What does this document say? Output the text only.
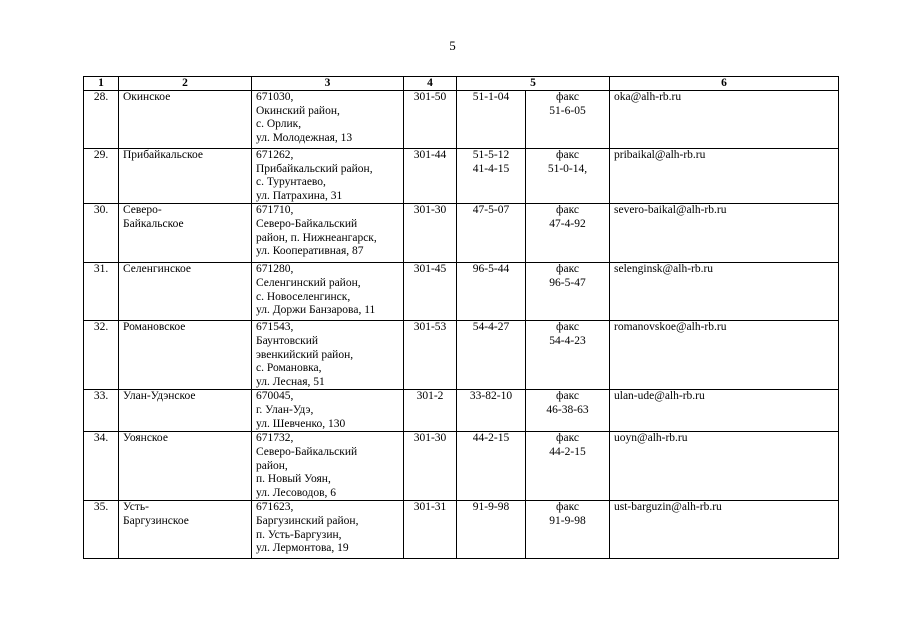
5
1	2	3	4	5		6
28.	Окинское	671030,
Окинский район,
с. Орлик,
ул. Молодежная, 13	301-50	51-1-04	факс
51-6-05	oka@alh-rb.ru
29.	Прибайкальское	671262,
Прибайкальский район,
с. Турунтаево,
ул. Патрахина, 31	301-44	51-5-12
41-4-15	факс
51-0-14,	pribaikal@alh-rb.ru
30.	Северо-
Байкальское	671710,
Северо-Байкальский
район, п. Нижнеангарск,
ул. Кооперативная, 87	301-30	47-5-07	факс
47-4-92	severo-baikal@alh-rb.ru
31.	Селенгинское	671280,
Селенгинский район,
с. Новоселенгинск,
ул. Доржи Банзарова, 11	301-45	96-5-44	факс
96-5-47	selenginsk@alh-rb.ru
32.	Романовское	671543,
Баунтовский
эвенкийский район,
с. Романовка,
ул. Лесная, 51	301-53	54-4-27	факс
54-4-23	romanovskoe@alh-rb.ru
33.	Улан-Удэнское	670045,
г. Улан-Удэ,
ул. Шевченко, 130	301-2	33-82-10	факс
46-38-63	ulan-ude@alh-rb.ru
34.	Уоянское	671732,
Северо-Байкальский
район,
п. Новый Уоян,
ул. Лесоводов, 6	301-30	44-2-15	факс
44-2-15	uoyn@alh-rb.ru
35.	Усть-
Баргузинское	671623,
Баргузинский район,
п. Усть-Баргузин,
ул. Лермонтова, 19	301-31	91-9-98	факс
91-9-98	ust-barguzin@alh-rb.ru
